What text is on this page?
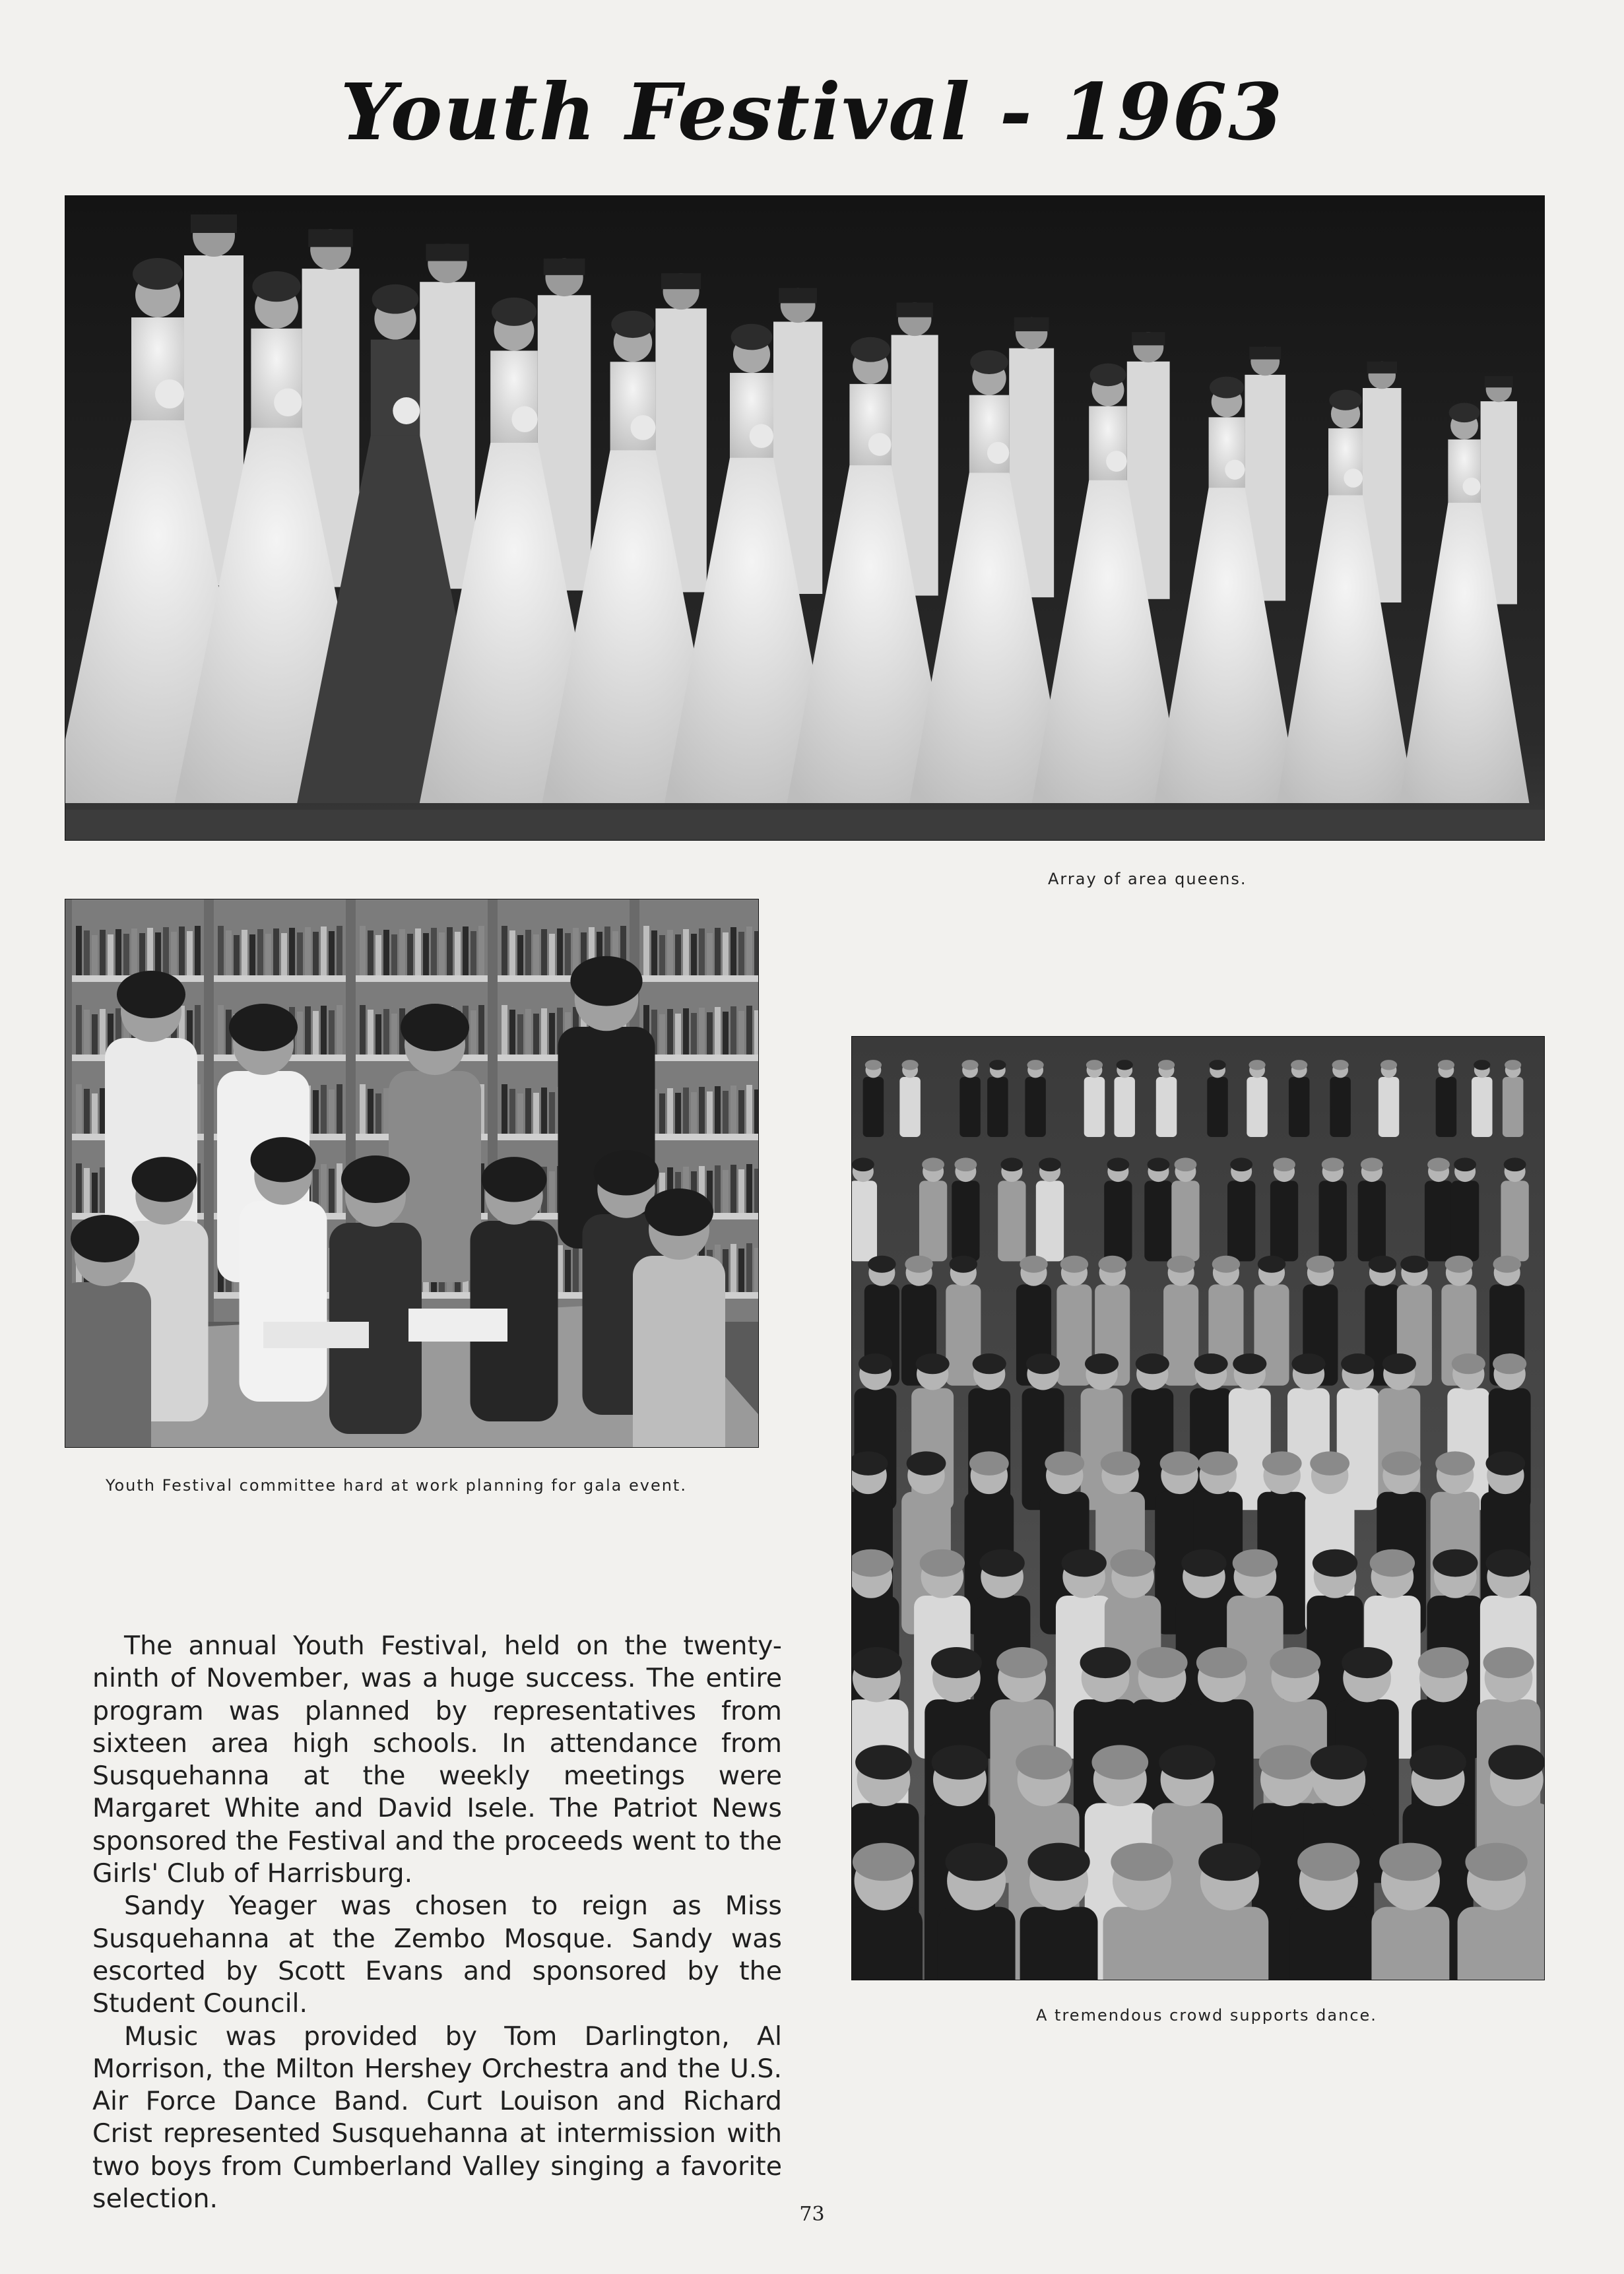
Youth Festival - 1963
Array of area queens.
Youth Festival committee hard at work planning for gala event.
A tremendous crowd supports dance.

The annual Youth Festival, held on the twenty-ninth of November, was a huge success. The entire program was planned by representatives from sixteen area high schools. In attendance from Susquehanna at the weekly meetings were Margaret White and David Isele. The Patriot News sponsored the Festival and the proceeds went to the Girls' Club of Harrisburg.

Sandy Yeager was chosen to reign as Miss Susquehanna at the Zembo Mosque. Sandy was escorted by Scott Evans and sponsored by the Student Council.

Music was provided by Tom Darlington, Al Morrison, the Milton Hershey Orchestra and the U.S. Air Force Dance Band. Curt Louison and Richard Crist represented Susquehanna at intermission with two boys from Cumberland Valley singing a favorite selection.

73
